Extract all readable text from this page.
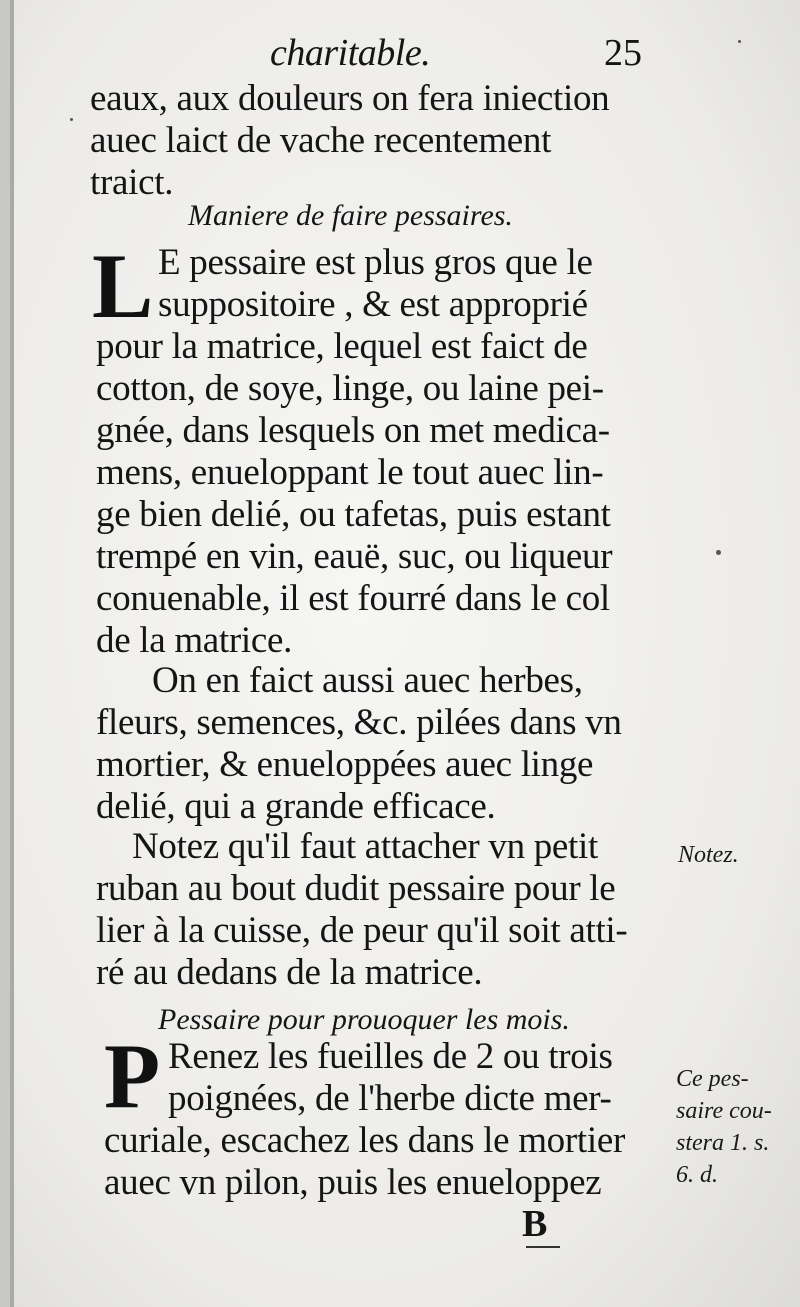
charitable.	25
eaux, aux douleurs on fera iniection
auec laict de vache recentement
traict.
Maniere de faire pessaires.
L E pessaire est plus gros que le
suppositoire , & est approprié
pour la matrice, lequel est faict de
cotton, de soye, linge, ou laine pei-
gnée, dans lesquels on met medica-
mens, enueloppant le tout auec lin-
ge bien delié, ou tafetas, puis estant
trempé en vin, eauë, suc, ou liqueur
conuenable, il est fourré dans le col
de la matrice.
On en faict aussi auec herbes,
fleurs, semences, &c. pilées dans vn
mortier, & enueloppées auec linge
delié, qui a grande efficace.
Notez qu'il faut attacher vn petit
ruban au bout dudit pessaire pour le
lier à la cuisse, de peur qu'il soit atti-
ré au dedans de la matrice.
Notez.
Pessaire pour prouoquer les mois.
P Renez les fueilles de 2 ou trois
poignées, de l'herbe dicte mer-
curiale, escachez les dans le mortier
auec vn pilon, puis les enueloppez
Ce pes-
saire cou-
stera 1. s.
6. d.
B
